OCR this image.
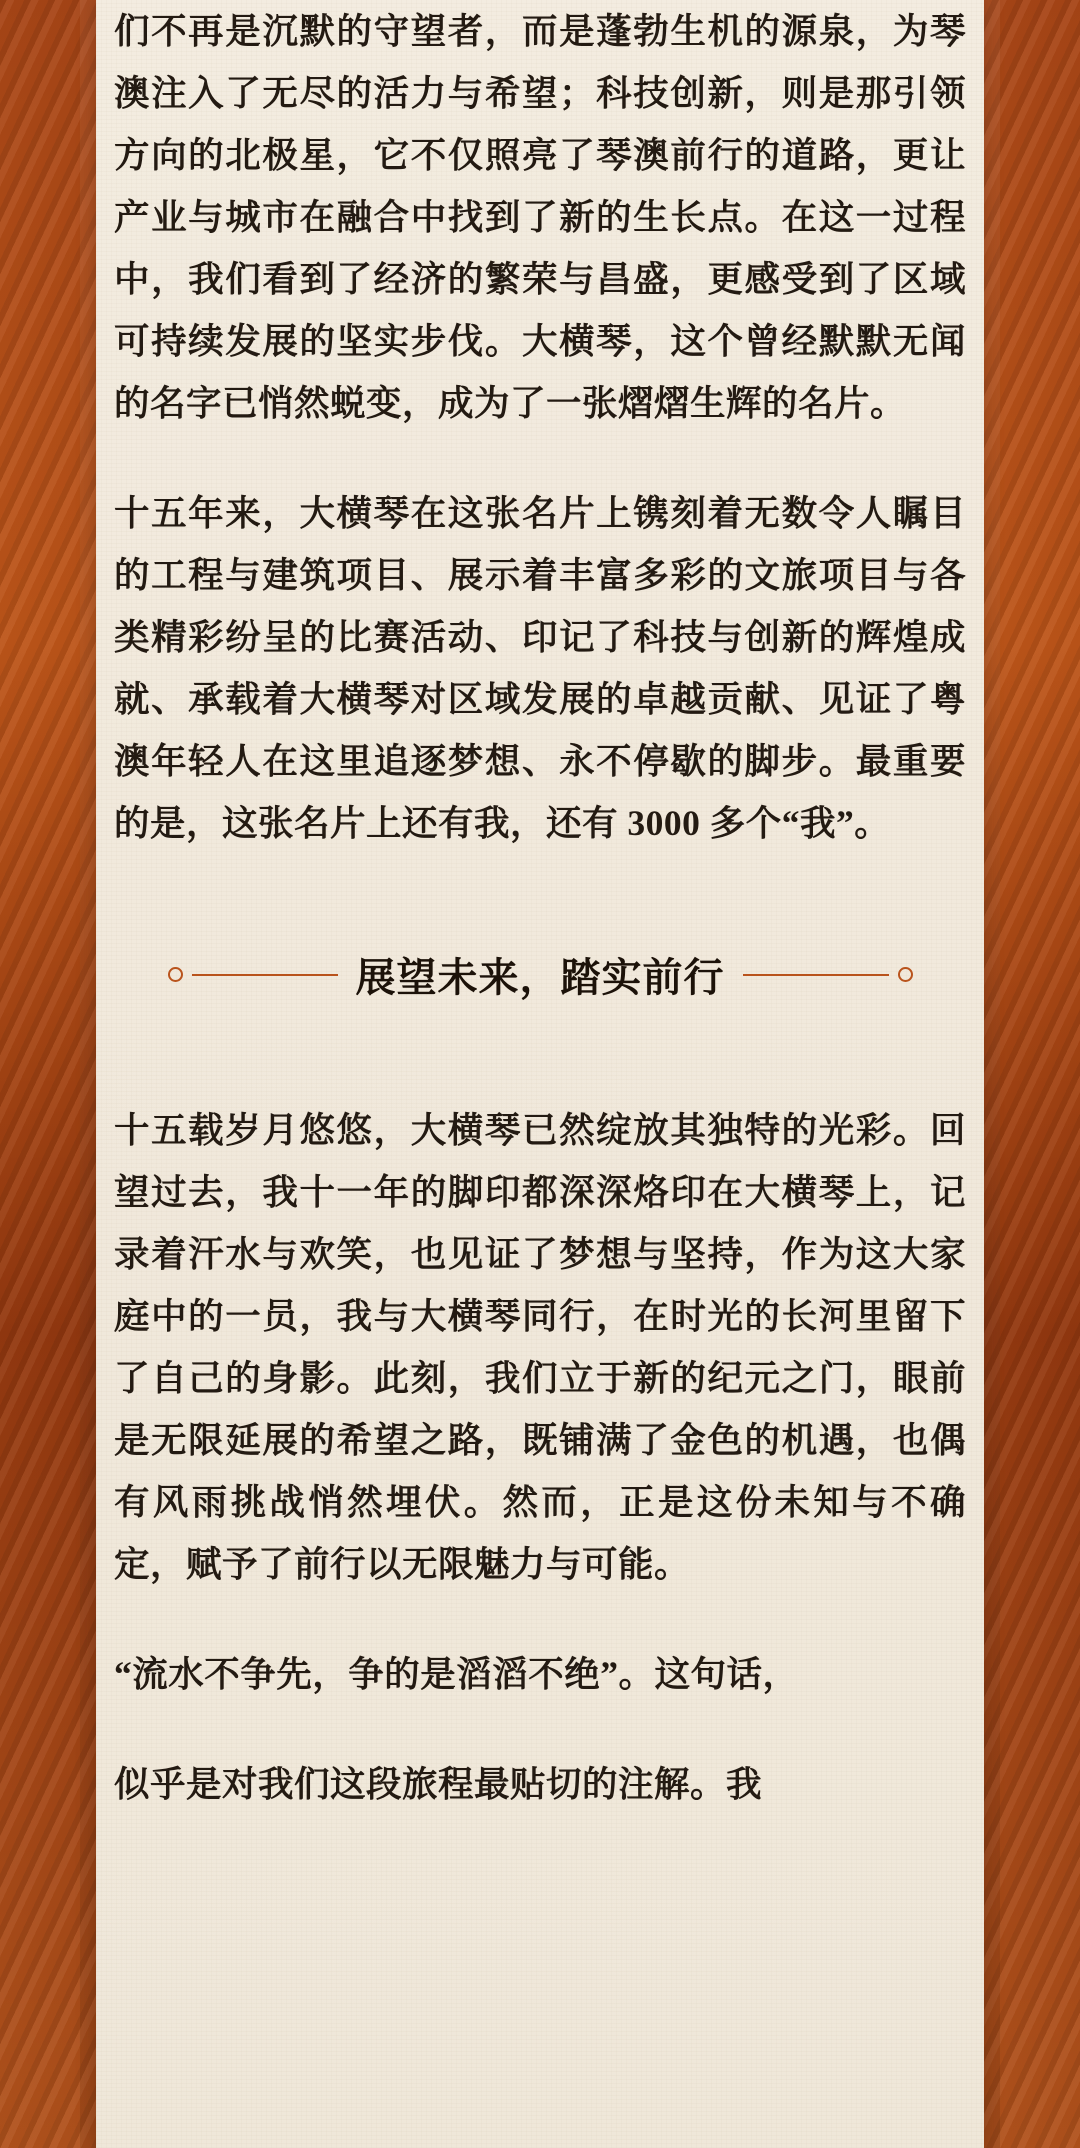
们不再是沉默的守望者，而是蓬勃生机的源泉，为琴澳注入了无尽的活力与希望；科技创新，则是那引领方向的北极星，它不仅照亮了琴澳前行的道路，更让产业与城市在融合中找到了新的生长点。在这一过程中，我们看到了经济的繁荣与昌盛，更感受到了区域可持续发展的坚实步伐。大横琴，这个曾经默默无闻的名字已悄然蜕变，成为了一张熠熠生辉的名片。

十五年来，大横琴在这张名片上镌刻着无数令人瞩目的工程与建筑项目、展示着丰富多彩的文旅项目与各类精彩纷呈的比赛活动、印记了科技与创新的辉煌成就、承载着大横琴对区域发展的卓越贡献、见证了粤澳年轻人在这里追逐梦想、永不停歇的脚步。最重要的是，这张名片上还有我，还有 3000 多个“我”。

展望未来，踏实前行

十五载岁月悠悠，大横琴已然绽放其独特的光彩。回望过去，我十一年的脚印都深深烙印在大横琴上，记录着汗水与欢笑，也见证了梦想与坚持，作为这大家庭中的一员，我与大横琴同行，在时光的长河里留下了自己的身影。此刻，我们立于新的纪元之门，眼前是无限延展的希望之路，既铺满了金色的机遇，也偶有风雨挑战悄然埋伏。然而，正是这份未知与不确定，赋予了前行以无限魅力与可能。

“流水不争先，争的是滔滔不绝”。这句话，

似乎是对我们这段旅程最贴切的注解。我
